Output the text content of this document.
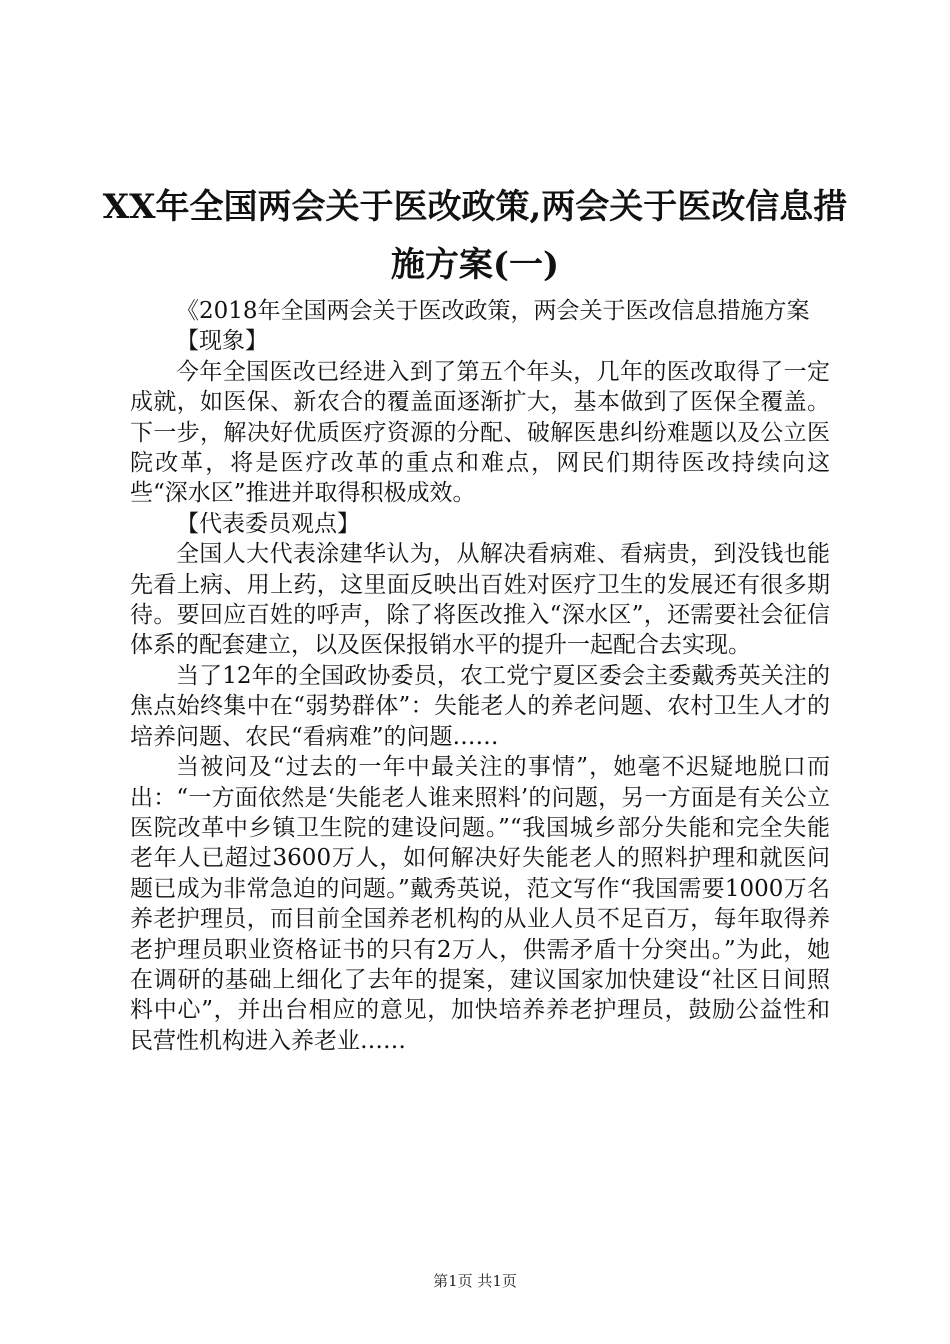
XX年全国两会关于医改政策,两会关于医改信息措施方案(一)

《2018年全国两会关于医改政策，两会关于医改信息措施方案

【现象】

今年全国医改已经进入到了第五个年头，几年的医改取得了一定成就，如医保、新农合的覆盖面逐渐扩大，基本做到了医保全覆盖。下一步，解决好优质医疗资源的分配、破解医患纠纷难题以及公立医院改革，将是医疗改革的重点和难点，网民们期待医改持续向这些“深水区”推进并取得积极成效。

【代表委员观点】

全国人大代表涂建华认为，从解决看病难、看病贵，到没钱也能先看上病、用上药，这里面反映出百姓对医疗卫生的发展还有很多期待。要回应百姓的呼声，除了将医改推入“深水区”，还需要社会征信体系的配套建立，以及医保报销水平的提升一起配合去实现。

当了12年的全国政协委员，农工党宁夏区委会主委戴秀英关注的焦点始终集中在“弱势群体”：失能老人的养老问题、农村卫生人才的培养问题、农民“看病难”的问题……

当被问及“过去的一年中最关注的事情”，她毫不迟疑地脱口而出：“一方面依然是‘失能老人谁来照料’的问题，另一方面是有关公立医院改革中乡镇卫生院的建设问题。”“我国城乡部分失能和完全失能老年人已超过3600万人，如何解决好失能老人的照料护理和就医问题已成为非常急迫的问题。”戴秀英说，范文写作“我国需要1000万名养老护理员，而目前全国养老机构的从业人员不足百万，每年取得养老护理员职业资格证书的只有2万人，供需矛盾十分突出。”为此，她在调研的基础上细化了去年的提案，建议国家加快建设“社区日间照料中心”，并出台相应的意见，加快培养养老护理员，鼓励公益性和民营性机构进入养老业……

第1页 共1页
